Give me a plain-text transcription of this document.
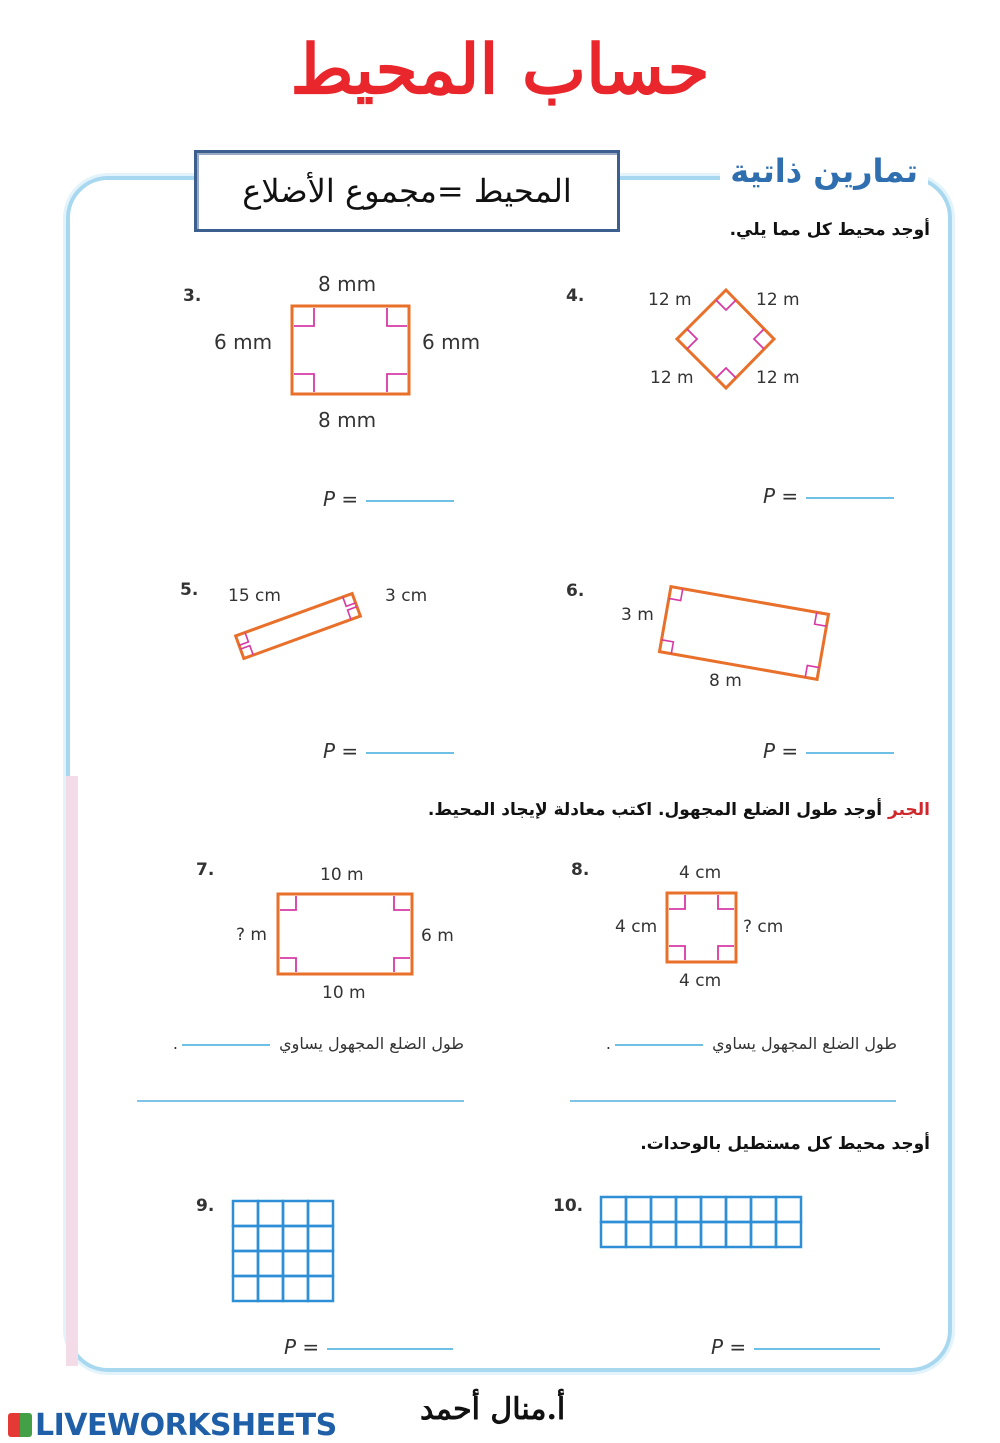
حساب المحيط
المحيط =مجموع الأضلاع
تمارين ذاتية
أوجد محيط كل مما يلي.
3.	8 mm
8 mm
6 mm	6 mm
P =
4.	12 m	12 m
12 m	12 m
P =
5. 15 cm	3 cm
P =
6.
3 m
8 m
P =
الجبر أوجد طول الضلع المجهول. اكتب معادلة لإيجاد المحيط.
7.	10 m
10 m
? m	6 m
طول الضلع المجهول يساوي .
8.	4 cm
4 cm
4 cm	? cm
طول الضلع المجهول يساوي .
أوجد محيط كل مستطيل بالوحدات.
9.
P =
10.
P =
LIVEWORKSHEETS	أ.منال أحمد
